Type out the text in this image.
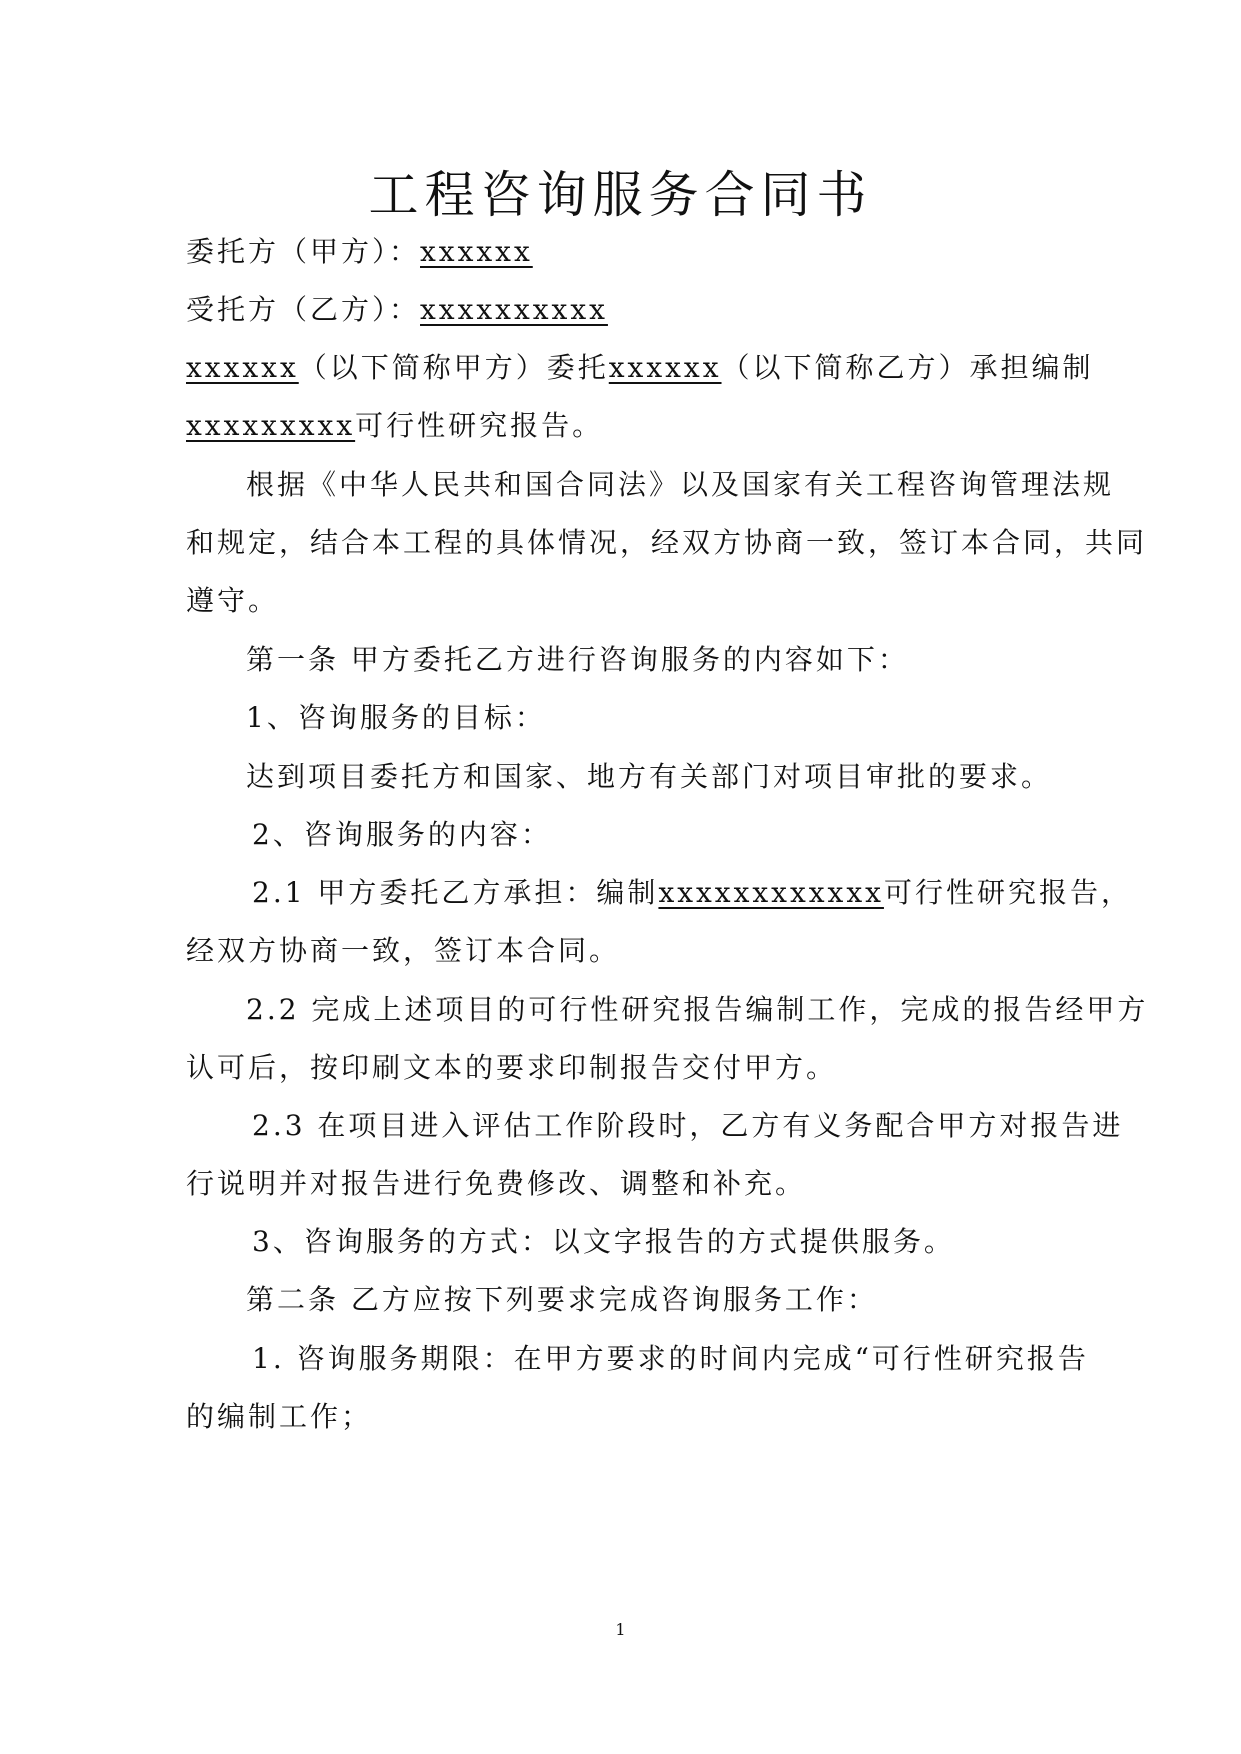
工程咨询服务合同书
委托方（甲方）：xxxxxx
受托方（乙方）：xxxxxxxxxx
xxxxxx（以下简称甲方）委托xxxxxx（以下简称乙方）承担编制
xxxxxxxxx可行性研究报告。
根据《中华人民共和国合同法》以及国家有关工程咨询管理法规
和规定，结合本工程的具体情况，经双方协商一致，签订本合同，共同
遵守。
第一条 甲方委托乙方进行咨询服务的内容如下：
1、咨询服务的目标：
达到项目委托方和国家、地方有关部门对项目审批的要求。
2、咨询服务的内容：
2.1 甲方委托乙方承担：编制xxxxxxxxxxxx可行性研究报告，
经双方协商一致，签订本合同。
2.2 完成上述项目的可行性研究报告编制工作，完成的报告经甲方
认可后，按印刷文本的要求印制报告交付甲方。
2.3 在项目进入评估工作阶段时，乙方有义务配合甲方对报告进
行说明并对报告进行免费修改、调整和补充。
3、咨询服务的方式：以文字报告的方式提供服务。
第二条 乙方应按下列要求完成咨询服务工作：
1. 咨询服务期限：在甲方要求的时间内完成“可行性研究报告
的编制工作；
1
